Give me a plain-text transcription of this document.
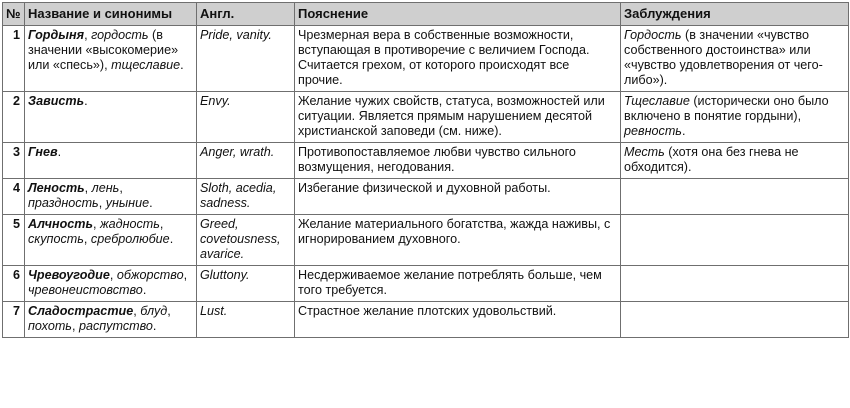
№	Название и синонимы	Англ.	Пояснение	Заблуждения
1	Гордыня, гордость (в значении «высокомерие» или «спесь»), тщеславие.	Pride, vanity.	Чрезмерная вера в собственные возможности, вступающая в противоречие с величием Господа. Считается грехом, от которого происходят все прочие.	Гордость (в значении «чувство собственного достоинства» или «чувство удовлетворения от чего-либо»).
2	Зависть.	Envy.	Желание чужих свойств, статуса, возможностей или ситуации. Является прямым нарушением десятой христианской заповеди (см. ниже).	Тщеславие (исторически оно было включено в понятие гордыни), ревность.
3	Гнев.	Anger, wrath.	Противопоставляемое любви чувство сильного возмущения, негодования.	Месть (хотя она без гнева не обходится).
4	Леность, лень, праздность, уныние.	Sloth, acedia, sadness.	Избегание физической и духовной работы.	
5	Алчность, жадность, скупость, сребролюбие.	Greed, covetousness, avarice.	Желание материального богатства, жажда наживы, с игнорированием духовного.	
6	Чревоугодие, обжорство, чревонеистовство.	Gluttony.	Несдерживаемое желание потреблять больше, чем того требуется.	
7	Сладострастие, блуд, похоть, распутство.	Lust.	Страстное желание плотских удовольствий.	
